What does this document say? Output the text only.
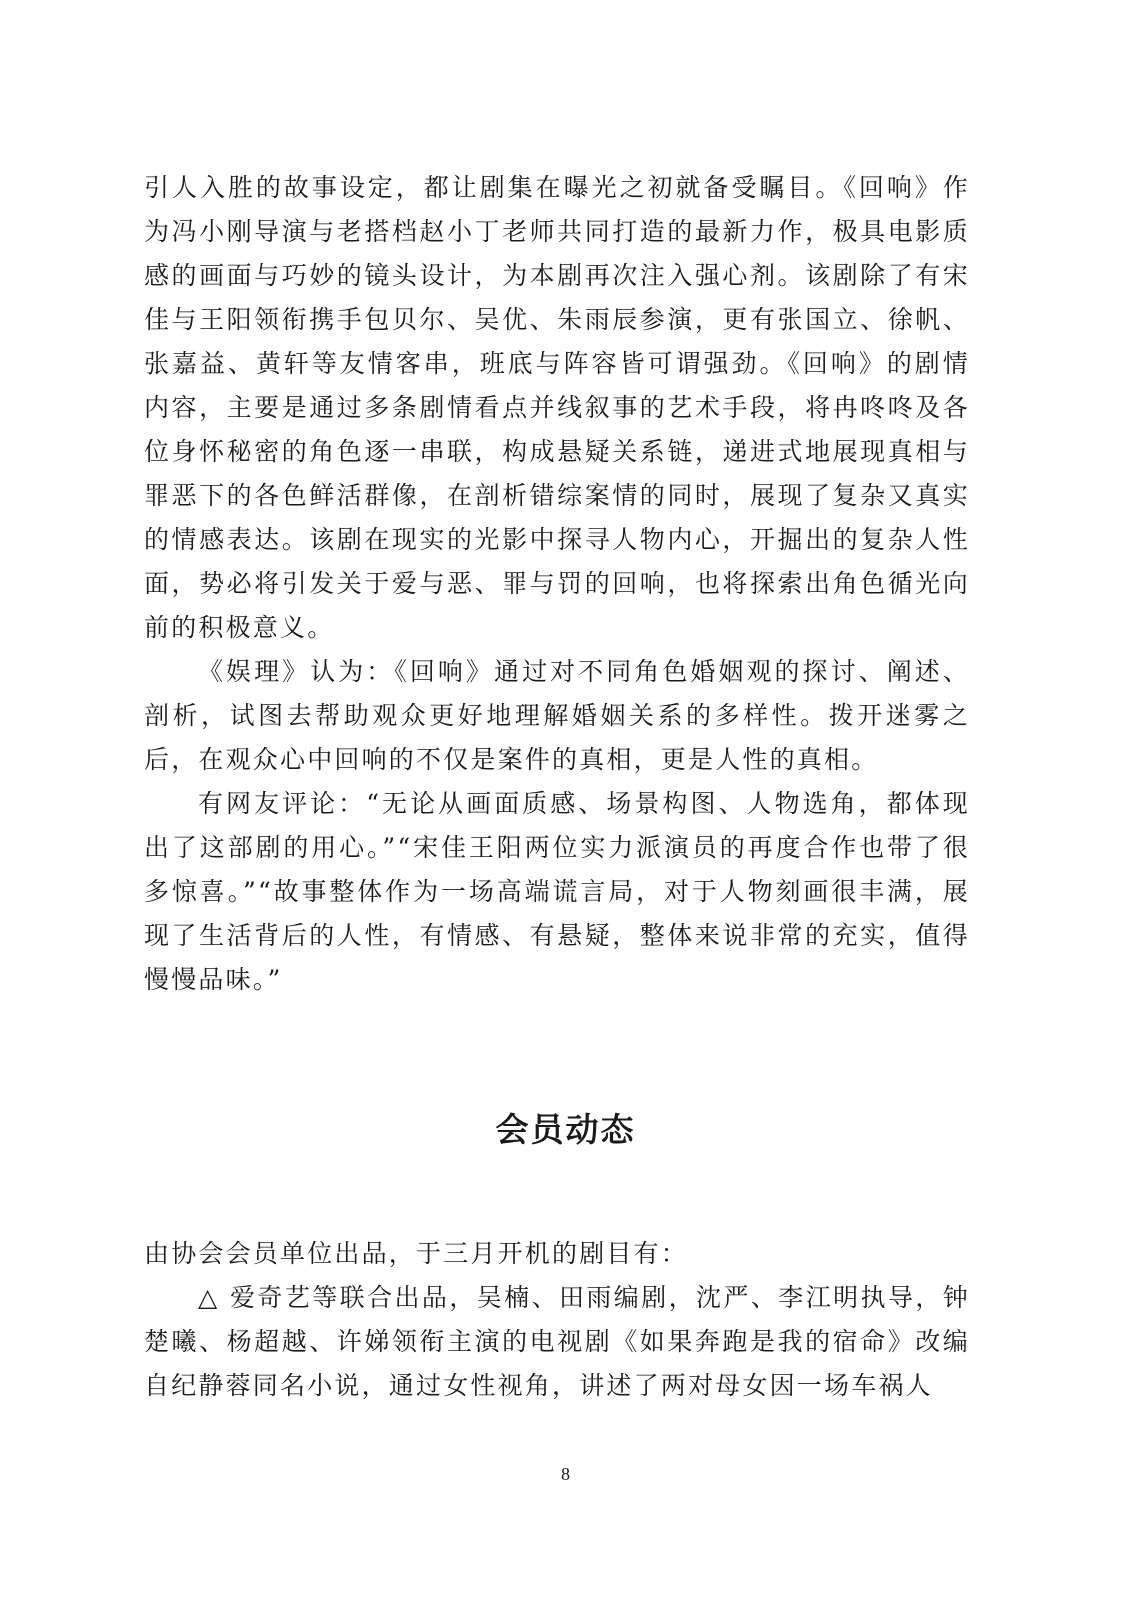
引人入胜的故事设定，都让剧集在曝光之初就备受瞩目。《回响》作为冯小刚导演与老搭档赵小丁老师共同打造的最新力作，极具电影质感的画面与巧妙的镜头设计，为本剧再次注入强心剂。该剧除了有宋佳与王阳领衔携手包贝尔、吴优、朱雨辰参演，更有张国立、徐帆、张嘉益、黄轩等友情客串，班底与阵容皆可谓强劲。《回响》的剧情内容，主要是通过多条剧情看点并线叙事的艺术手段，将冉咚咚及各位身怀秘密的角色逐一串联，构成悬疑关系链，递进式地展现真相与罪恶下的各色鲜活群像，在剖析错综案情的同时，展现了复杂又真实的情感表达。该剧在现实的光影中探寻人物内心，开掘出的复杂人性面，势必将引发关于爱与恶、罪与罚的回响，也将探索出角色循光向前的积极意义。

《娱理》认为：《回响》通过对不同角色婚姻观的探讨、阐述、剖析，试图去帮助观众更好地理解婚姻关系的多样性。拨开迷雾之后，在观众心中回响的不仅是案件的真相，更是人性的真相。

有网友评论：“无论从画面质感、场景构图、人物选角，都体现出了这部剧的用心。”“宋佳王阳两位实力派演员的再度合作也带了很多惊喜。”“故事整体作为一场高端谎言局，对于人物刻画很丰满，展现了生活背后的人性，有情感、有悬疑，整体来说非常的充实，值得慢慢品味。”

会员动态

由协会会员单位出品，于三月开机的剧目有：

△ 爱奇艺等联合出品，吴楠、田雨编剧，沈严、李江明执导，钟楚曦、杨超越、许娣领衔主演的电视剧《如果奔跑是我的宿命》改编自纪静蓉同名小说，通过女性视角，讲述了两对母女因一场车祸人

8
